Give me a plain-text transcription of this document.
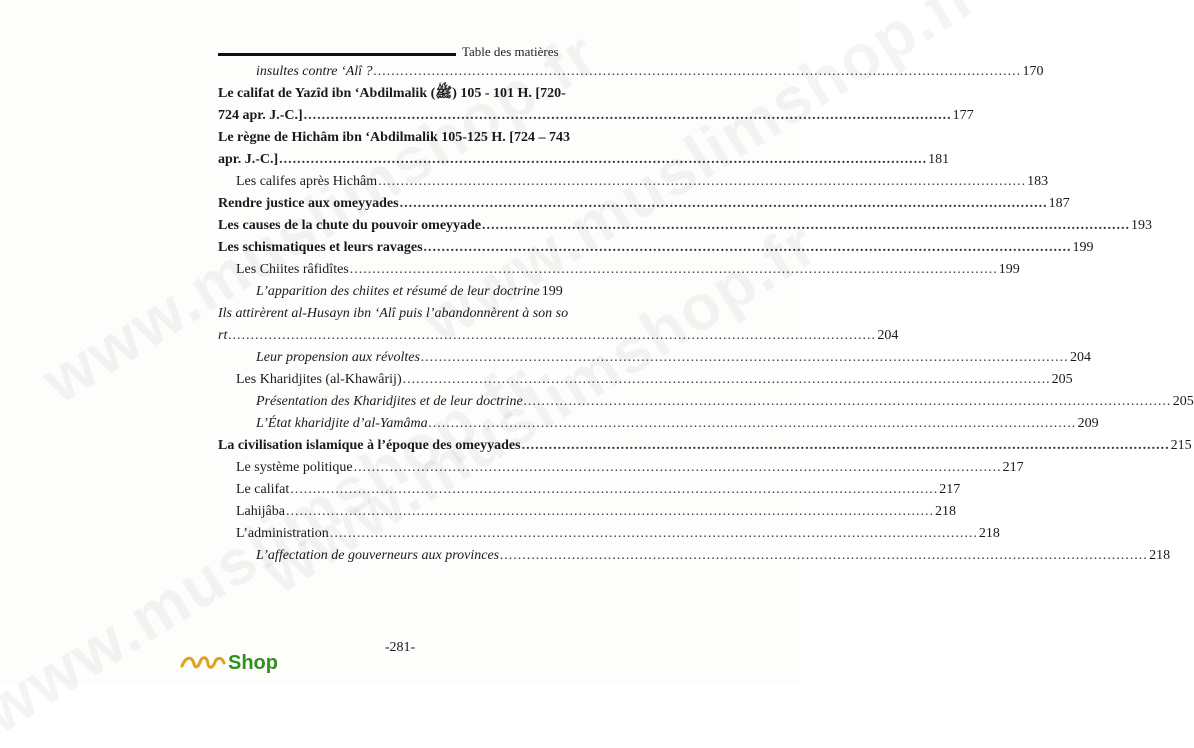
Table des matières
insultes contre ‘Alî ? .....	170
Le califat de Yazîd ibn ‘Abdilmalik (ﷺ) 101 - 105 H. [720-
724 apr. J.-C.] .....	177
Le règne de Hichâm ibn ‘Abdilmalik 105-125 H. [724 – 743
apr. J.-C.] .....	181
Les califes après Hichâm .....	183
Rendre justice aux omeyyades .....	187
Les causes de la chute du pouvoir omeyyade .....	193
Les schismatiques et leurs ravages .....	199
Les Chiites râfidîtes .....	199
L’apparition des chiites et résumé de leur doctrine 199
Ils attirèrent al-Husayn ibn ‘Alî puis l’abandonnèrent à son so
rt .....	204
Leur propension aux révoltes .....	204
Les Kharidjites (al-Khawârij) .....	205
Présentation des Kharidjites et de leur doctrine .....	205
L’État kharidjite d’al-Yamâma .....	209
La civilisation islamique à l’époque des omeyyades .....	215
Le système politique .....	217
Le califat .....	217
Lahijâba .....	218
L’administration .....	218
L’affectation de gouverneurs aux provinces .....	218
-281-
Shop
